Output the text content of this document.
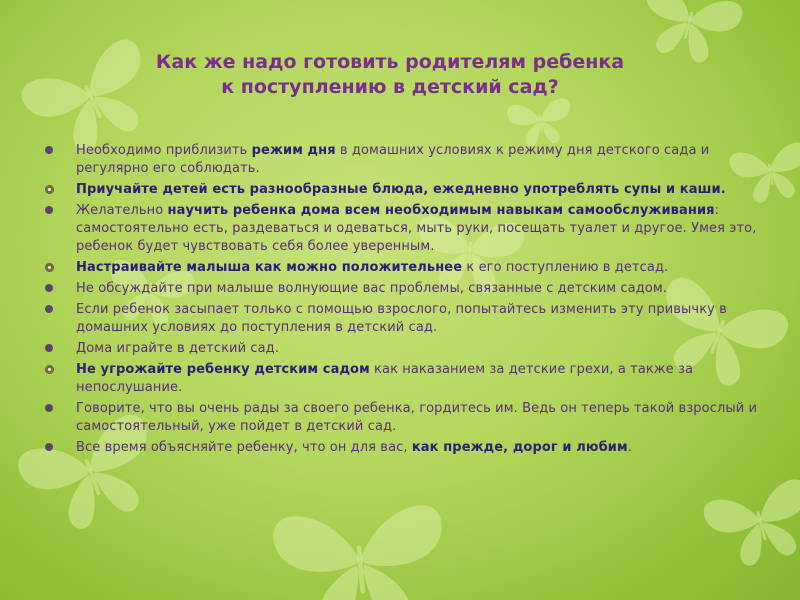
Как же надо готовить родителям ребенка
к поступлению в детский сад?
Необходимо приблизить режим дня в домашних условиях к режиму дня детского сада и регулярно его соблюдать.
Приучайте детей есть разнообразные блюда, ежедневно употреблять супы и каши.
Желательно научить ребенка дома всем необходимым навыкам самообслуживания: самостоятельно есть, раздеваться и одеваться, мыть руки, посещать туалет и другое. Умея это, ребенок будет чувствовать себя более уверенным.
Настраивайте малыша как можно положительнее к его поступлению в детсад.
Не обсуждайте при малыше волнующие вас проблемы, связанные с детским садом.
Если ребенок засыпает только с помощью взрослого, попытайтесь изменить эту привычку в домашних условиях до поступления в детский сад.
Дома играйте в детский сад.
Не угрожайте ребенку детским садом как наказанием за детские грехи, а также за непослушание.
Говорите, что вы очень рады за своего ребенка, гордитесь им. Ведь он теперь такой взрослый и самостоятельный, уже пойдет в детский сад.
Все время объясняйте ребенку, что он для вас, как прежде, дорог и любим.
